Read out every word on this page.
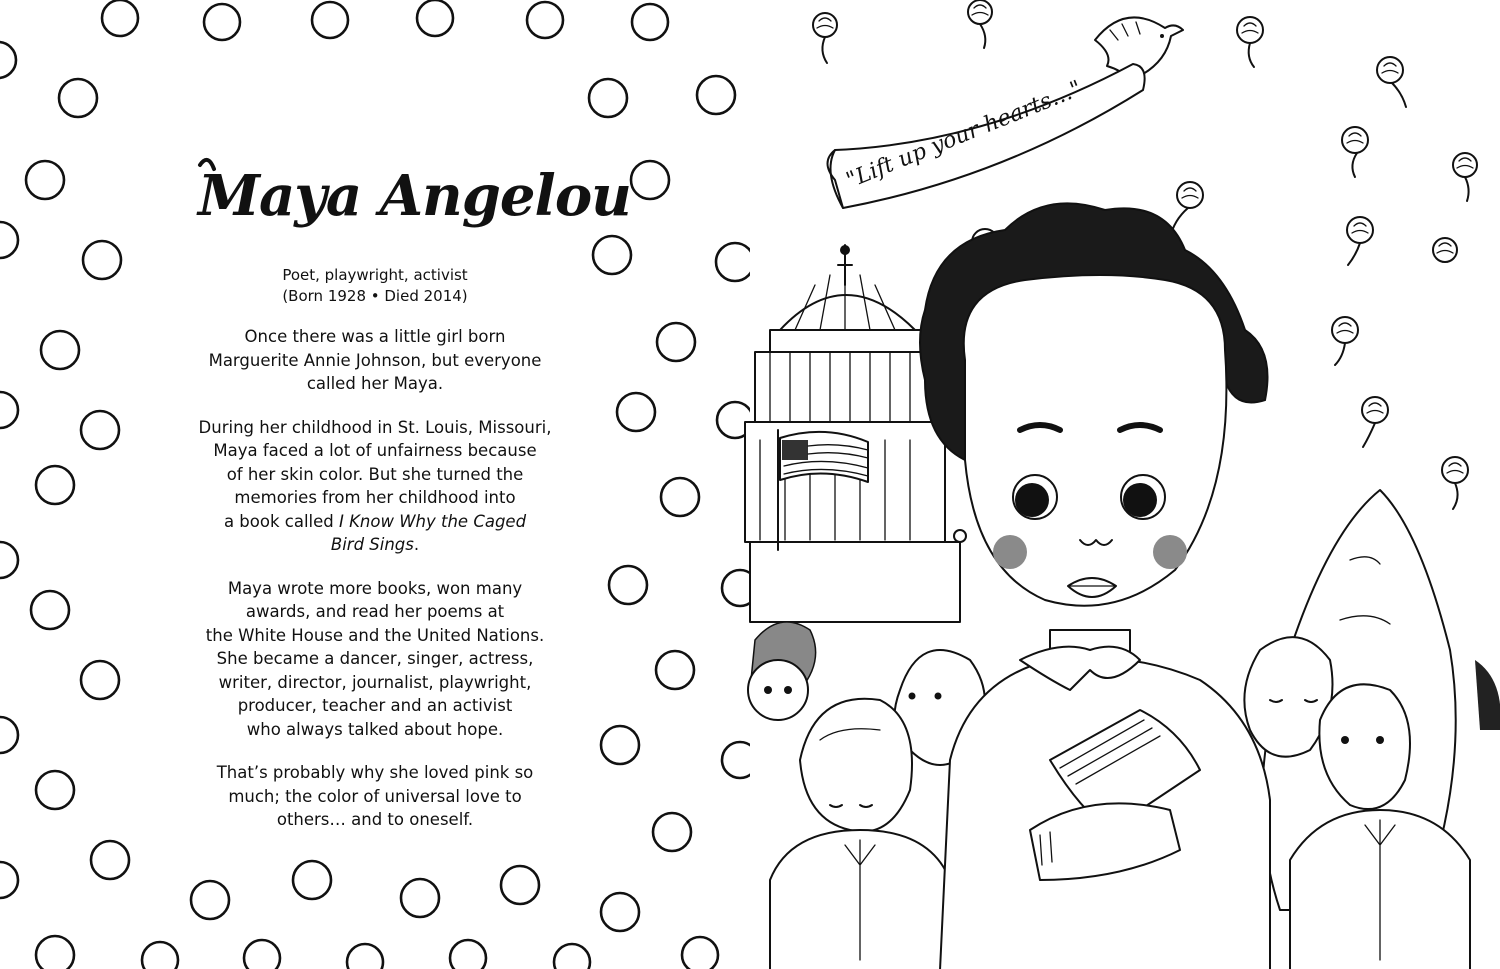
Maya Angelou
Poet, playwright, activist
(Born 1928 • Died 2014)
Once there was a little girl born
Marguerite Annie Johnson, but everyone
called her Maya.
During her childhood in St. Louis, Missouri,
Maya faced a lot of unfairness because
of her skin color. But she turned the
memories from her childhood into
a book called I Know Why the Caged
Bird Sings.
Maya wrote more books, won many
awards, and read her poems at
the White House and the United Nations.
She became a dancer, singer, actress,
writer, director, journalist, playwright,
producer, teacher and an activist
who always talked about hope.
That’s probably why she loved pink so
much; the color of universal love to
others… and to oneself.
"Lift up your hearts…"
